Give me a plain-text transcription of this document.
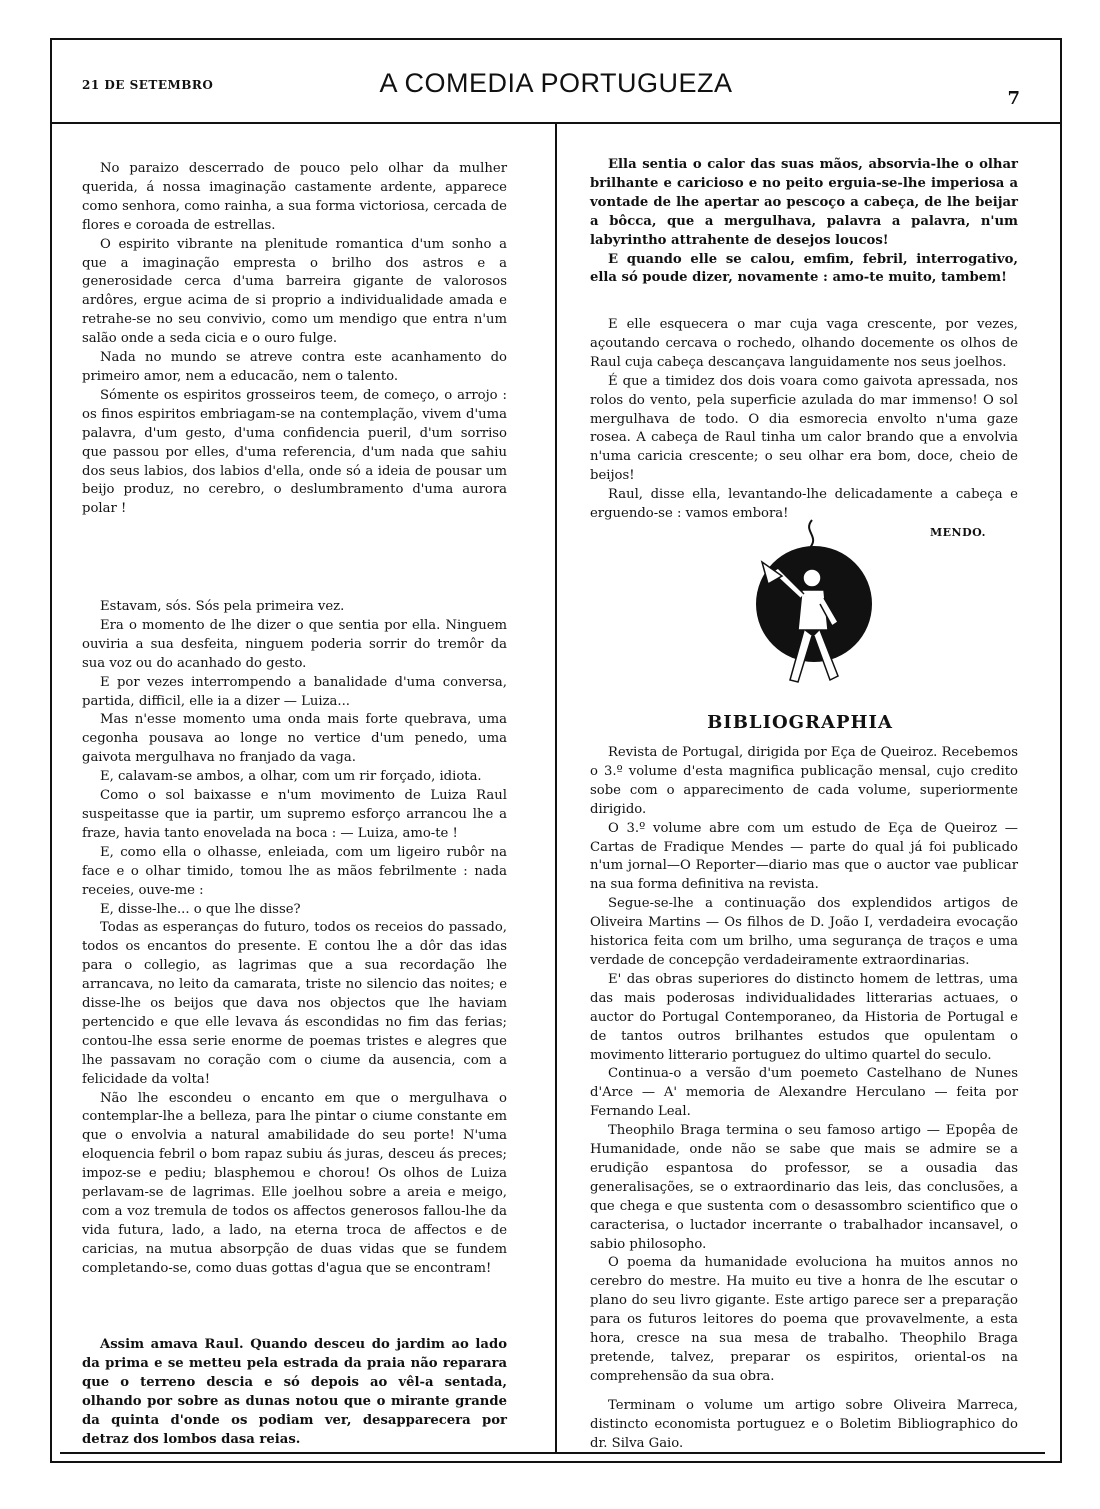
21 DE SETEMBRO	A COMEDIA PORTUGUEZA
7

No paraizo descerrado de pouco pelo olhar da mulher querida, á nossa imaginação castamente ardente, apparece como senhora, como rainha, a sua forma victoriosa, cercada de flores e coroada de estrellas.

O espirito vibrante na plenitude romantica d'um sonho a que a imaginação empresta o brilho dos astros e a generosidade cerca d'uma barreira gigante de valorosos ardôres, ergue acima de si proprio a individualidade amada e retrahe-se no seu convivio, como um mendigo que entra n'um salão onde a seda cicia e o ouro fulge.

Nada no mundo se atreve contra este acanhamento do primeiro amor, nem a educacão, nem o talento.

Sómente os espiritos grosseiros teem, de começo, o arrojo : os finos espiritos embriagam-se na contemplação, vivem d'uma palavra, d'um gesto, d'uma confidencia pueril, d'um sorriso que passou por elles, d'uma referencia, d'um nada que sahiu dos seus labios, dos labios d'ella, onde só a ideia de pousar um beijo produz, no cerebro, o deslumbramento d'uma aurora polar !

Estavam, sós. Sós pela primeira vez.

Era o momento de lhe dizer o que sentia por ella. Ninguem ouviria a sua desfeita, ninguem poderia sorrir do tremôr da sua voz ou do acanhado do gesto.

E por vezes interrompendo a banalidade d'uma conversa, partida, difficil, elle ia a dizer — Luiza...

Mas n'esse momento uma onda mais forte quebrava, uma cegonha pousava ao longe no vertice d'um penedo, uma gaivota mergulhava no franjado da vaga.

E, calavam-se ambos, a olhar, com um rir forçado, idiota.

Como o sol baixasse e n'um movimento de Luiza Raul suspeitasse que ia partir, um supremo esforço arrancou lhe a fraze, havia tanto enovelada na boca : — Luiza, amo-te !

E, como ella o olhasse, enleiada, com um ligeiro rubôr na face e o olhar timido, tomou lhe as mãos febrilmente : nada receies, ouve-me :

E, disse-lhe... o que lhe disse?

Todas as esperanças do futuro, todos os receios do passado, todos os encantos do presente. E contou lhe a dôr das idas para o collegio, as lagrimas que a sua recordação lhe arrancava, no leito da camarata, triste no silencio das noites; e disse-lhe os beijos que dava nos objectos que lhe haviam pertencido e que elle levava ás escondidas no fim das ferias; contou-lhe essa serie enorme de poemas tristes e alegres que lhe passavam no coração com o ciume da ausencia, com a felicidade da volta!

Não lhe escondeu o encanto em que o mergulhava o contemplar-lhe a belleza, para lhe pintar o ciume constante em que o envolvia a natural amabilidade do seu porte! N'uma eloquencia febril o bom rapaz subiu ás juras, desceu ás preces; impoz-se e pediu; blasphemou e chorou! Os olhos de Luiza perlavam-se de lagrimas. Elle joelhou sobre a areia e meigo, com a voz tremula de todos os affectos generosos fallou-lhe da vida futura, lado, a lado, na eterna troca de affectos e de caricias, na mutua absorpção de duas vidas que se fundem completando-se, como duas gottas d'agua que se encontram!

Assim amava Raul. Quando desceu do jardim ao lado da prima e se metteu pela estrada da praia não reparara que o terreno descia e só depois ao vêl-a sentada, olhando por sobre as dunas notou que o mirante grande da quinta d'onde os podiam ver, desapparecera por detraz dos lombos dasa reias.

Ella sentia o calor das suas mãos, absorvia-lhe o olhar brilhante e caricioso e no peito erguia-se-lhe imperiosa a vontade de lhe apertar ao pescoço a cabeça, de lhe beijar a bôcca, que a mergulhava, palavra a palavra, n'um labyrintho attrahente de desejos loucos!

E quando elle se calou, emfim, febril, interrogativo, ella só poude dizer, novamente : amo-te muito, tambem!

E elle esquecera o mar cuja vaga crescente, por vezes, açoutando cercava o rochedo, olhando docemente os olhos de Raul cuja cabeça descançava languidamente nos seus joelhos.

É que a timidez dos dois voara como gaivota apressada, nos rolos do vento, pela superficie azulada do mar immenso! O sol mergulhava de todo. O dia esmorecia envolto n'uma gaze rosea. A cabeça de Raul tinha um calor brando que a envolvia n'uma caricia crescente; o seu olhar era bom, doce, cheio de beijos!

Raul, disse ella, levantando-lhe delicadamente a cabeça e erguendo-se : vamos embora!

MENDO.
BIBLIOGRAPHIA

Revista de Portugal, dirigida por Eça de Queiroz. Recebemos o 3.º volume d'esta magnifica publicação mensal, cujo credito sobe com o apparecimento de cada volume, superiormente dirigido.

O 3.º volume abre com um estudo de Eça de Queiroz — Cartas de Fradique Mendes — parte do qual já foi publicado n'um jornal—O Reporter—diario mas que o auctor vae publicar na sua forma definitiva na revista.

Segue-se-lhe a continuação dos explendidos artigos de Oliveira Martins — Os filhos de D. João I, verdadeira evocação historica feita com um brilho, uma segurança de traços e uma verdade de concepção verdadeiramente extraordinarias.

E' das obras superiores do distincto homem de lettras, uma das mais poderosas individualidades litterarias actuaes, o auctor do Portugal Contemporaneo, da Historia de Portugal e de tantos outros brilhantes estudos que opulentam o movimento litterario portuguez do ultimo quartel do seculo.

Continua-o a versão d'um poemeto Castelhano de Nunes d'Arce — A' memoria de Alexandre Herculano — feita por Fernando Leal.

Theophilo Braga termina o seu famoso artigo — Epopêa de Humanidade, onde não se sabe que mais se admire se a erudição espantosa do professor, se a ousadia das generalisações, se o extraordinario das leis, das conclusões, a que chega e que sustenta com o desassombro scientifico que o caracterisa, o luctador incerrante o trabalhador incansavel, o sabio philosopho.

O poema da humanidade evoluciona ha muitos annos no cerebro do mestre. Ha muito eu tive a honra de lhe escutar o plano do seu livro gigante. Este artigo parece ser a preparação para os futuros leitores do poema que provavelmente, a esta hora, cresce na sua mesa de trabalho. Theophilo Braga pretende, talvez, preparar os espiritos, oriental-os na comprehensão da sua obra.

Terminam o volume um artigo sobre Oliveira Marreca, distincto economista portuguez e o Boletim Bibliographico do dr. Silva Gaio.
